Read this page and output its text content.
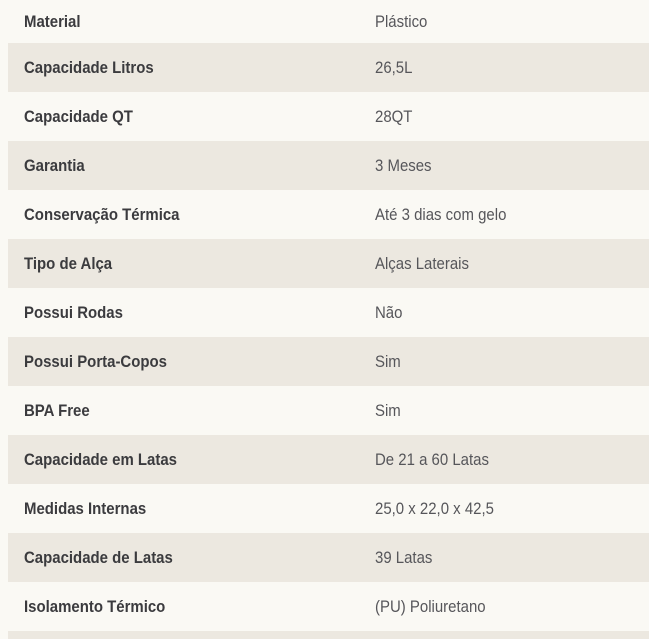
Material	Plástico
Capacidade Litros	26,5L
Capacidade QT	28QT
Garantia	3 Meses
Conservação Térmica	Até 3 dias com gelo
Tipo de Alça	Alças Laterais
Possui Rodas	Não
Possui Porta-Copos	Sim
BPA Free	Sim
Capacidade em Latas	De 21 a 60 Latas
Medidas Internas	25,0 x 22,0 x 42,5
Capacidade de Latas	39 Latas
Isolamento Térmico	(PU) Poliuretano
